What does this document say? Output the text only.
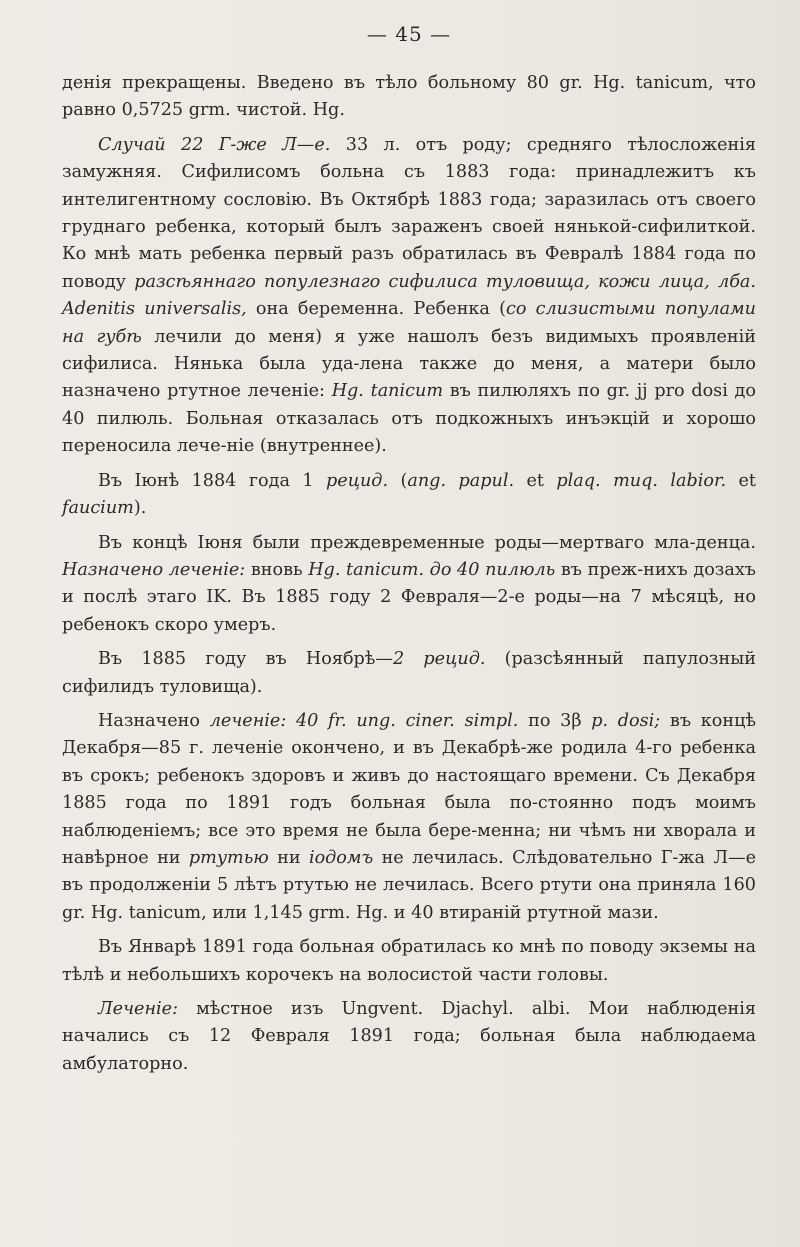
— 45 —

денія прекращены. Введено въ тѣло больному 80 gr. Hg. tanicum, что равно 0,5725 grm. чистой. Hg.

Случай 22 Г-же Л—е. 33 л. отъ роду; средняго тѣлосложенія замужняя. Сифилисомъ больна съ 1883 года: принадлежитъ къ интелигентному сословію. Въ Октябрѣ 1883 года; заразилась отъ своего груднаго ребенка, который былъ зараженъ своей нянькой-сифилиткой. Ко мнѣ мать ребенка первый разъ обратилась въ Февралѣ 1884 года по поводу разсѣяннаго популезнаго сифилиса туловища, кожи лица, лба. Adenitis universalis, она беременна. Ребенка (со слизистыми популами на губѣ лечили до меня) я уже нашолъ безъ видимыхъ проявленій сифилиса. Нянька была уда-лена также до меня, а матери было назначено ртутное леченіе: Hg. tanicum въ пилюляхъ по gr. jj pro dosi до 40 пилюль. Больная отказалась отъ подкожныхъ инъэкцій и хорошо переносила лече-ніе (внутреннее).

Въ Іюнѣ 1884 года 1 рецид. (ang. papul. et plaq. muq. labior. et faucium).

Въ концѣ Іюня были преждевременные роды—мертваго мла-денца. Назначено леченіе: вновь Hg. tanicum. до 40 пилюль въ преж-нихъ дозахъ и послѣ этаго IK. Въ 1885 году 2 Февраля—2-е роды—на 7 мѣсяцѣ, но ребенокъ скоро умеръ.

Въ 1885 году въ Ноябрѣ—2 рецид. (разсѣянный папулозный сифилидъ туловища).

Назначено леченіе: 40 fr. ung. ciner. simpl. по 3β p. dosi; въ концѣ Декабря—85 г. леченіе окончено, и въ Декабрѣ-же родила 4-го ребенка въ срокъ; ребенокъ здоровъ и живъ до настоящаго времени. Съ Декабря 1885 года по 1891 годъ больная была по-стоянно подъ моимъ наблюденіемъ; все это время не была бере-менна; ни чѣмъ ни хворала и навѣрное ни ртутью ни іодомъ не лечилась. Слѣдовательно Г-жа Л—е въ продолженіи 5 лѣтъ ртутью не лечилась. Всего ртути она приняла 160 gr. Hg. tanicum, или 1,145 grm. Hg. и 40 втираній ртутной мази.

Въ Январѣ 1891 года больная обратилась ко мнѣ по поводу экземы на тѣлѣ и небольшихъ корочекъ на волосистой части головы.

Леченіе: мѣстное изъ Ungvent. Djachyl. albi. Мои наблюденія начались съ 12 Февраля 1891 года; больная была наблюдаема амбулаторно.
